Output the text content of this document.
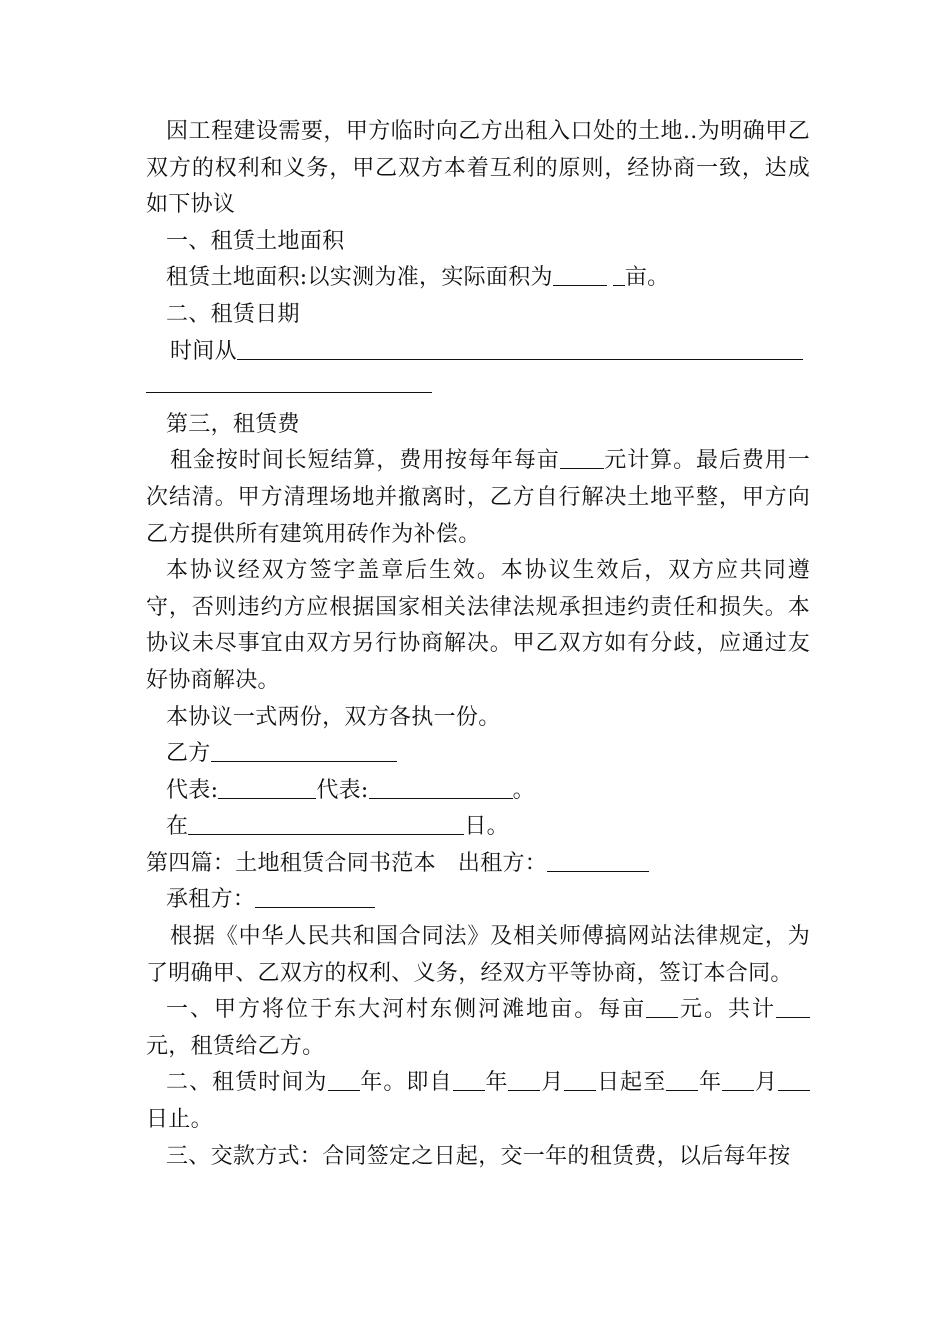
因工程建设需要，甲方临时向乙方出租入口处的土地..为明确甲乙双方的权利和义务，甲乙双方本着互利的原则，经协商一致，达成如下协议

一、租赁土地面积

租赁土地面积:以实测为准，实际面积为	亩。

二、租赁日期

时间从

第三，租赁费

租金按时间长短结算，费用按每年每亩 元计算。最后费用一次结清。甲方清理场地并撤离时，乙方自行解决土地平整，甲方向乙方提供所有建筑用砖作为补偿。

本协议经双方签字盖章后生效。本协议生效后，双方应共同遵守，否则违约方应根据国家相关法律法规承担违约责任和损失。本协议未尽事宜由双方另行协商解决。甲乙双方如有分歧，应通过友好协商解决。

本协议一式两份，双方各执一份。

乙方

代表:	代表:	。

在	日。

第四篇：土地租赁合同书范本 出租方：

承租方：

根据《中华人民共和国合同法》及相关师傅搞网站法律规定，为了明确甲、乙双方的权利、义务，经双方平等协商，签订本合同。

一、甲方将位于东大河村东侧河滩地亩。每亩 元。共计元，租赁给乙方。

二、租赁时间为 年。即自 年 月 日起至 年 月日止。

三、交款方式：合同签定之日起，交一年的租赁费，以后每年按
